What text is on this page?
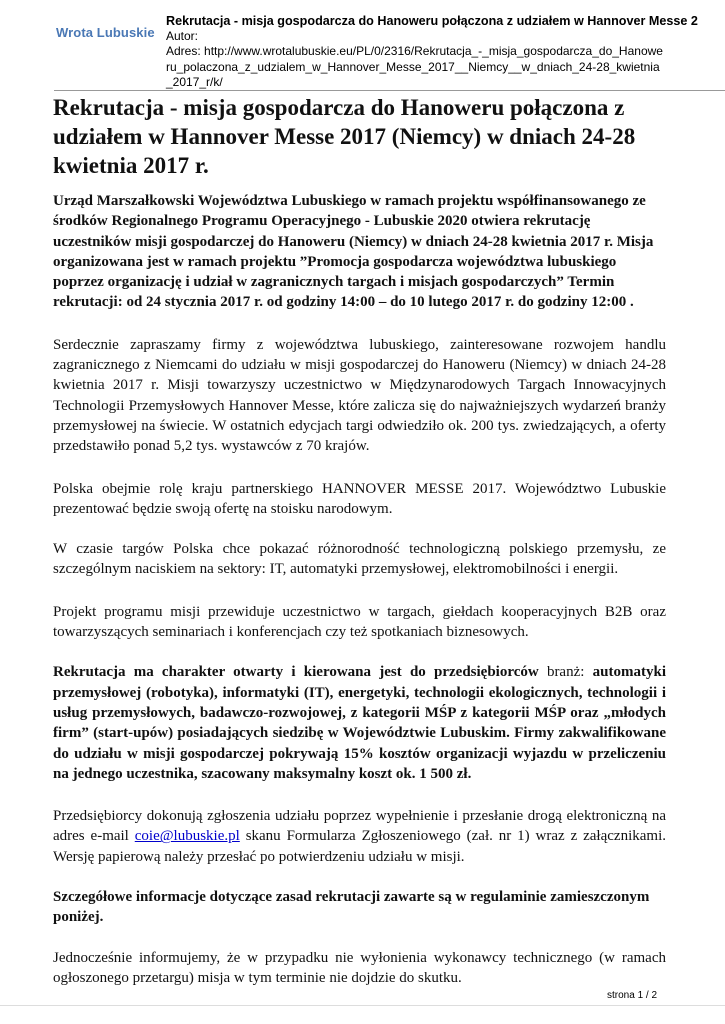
Wrota Lubuskie
Rekrutacja - misja gospodarcza do Hanoweru połączona z udziałem w Hannover Messe 2
Autor:
Adres: http://www.wrotalubuskie.eu/PL/0/2316/Rekrutacja_-_misja_gospodarcza_do_Hanowe
ru_polaczona_z_udzialem_w_Hannover_Messe_2017__Niemcy__w_dniach_24-28_kwietnia
_2017_r/k/
Rekrutacja - misja gospodarcza do Hanoweru połączona z udziałem w Hannover Messe 2017 (Niemcy) w dniach 24-28 kwietnia 2017 r.

Urząd Marszałkowski Województwa Lubuskiego w ramach projektu współfinansowanego ze środków Regionalnego Programu Operacyjnego - Lubuskie 2020 otwiera rekrutację uczestników misji gospodarczej do Hanoweru (Niemcy) w dniach 24-28 kwietnia 2017 r. Misja organizowana jest w ramach projektu ”Promocja gospodarcza województwa lubuskiego poprzez organizację i udział w zagranicznych targach i misjach gospodarczych” Termin rekrutacji: od 24 stycznia 2017 r. od godziny 14:00 – do 10 lutego 2017 r. do godziny 12:00 .

Serdecznie zapraszamy firmy z województwa lubuskiego, zainteresowane rozwojem handlu zagranicznego z Niemcami do udziału w misji gospodarczej do Hanoweru (Niemcy) w dniach 24-28 kwietnia 2017 r. Misji towarzyszy uczestnictwo w Międzynarodowych Targach Innowacyjnych Technologii Przemysłowych Hannover Messe, które zalicza się do najważniejszych wydarzeń branży przemysłowej na świecie. W ostatnich edycjach targi odwiedziło ok. 200 tys. zwiedzających, a oferty przedstawiło ponad 5,2 tys. wystawców z 70 krajów.

Polska obejmie rolę kraju partnerskiego HANNOVER MESSE 2017. Województwo Lubuskie prezentować będzie swoją ofertę na stoisku narodowym.

W czasie targów Polska chce pokazać różnorodność technologiczną polskiego przemysłu, ze szczególnym naciskiem na sektory: IT, automatyki przemysłowej, elektromobilności i energii.

Projekt programu misji przewiduje uczestnictwo w targach, giełdach kooperacyjnych B2B oraz towarzyszących seminariach i konferencjach czy też spotkaniach biznesowych.

Rekrutacja ma charakter otwarty i kierowana jest do przedsiębiorców branż: automatyki przemysłowej (robotyka), informatyki (IT), energetyki, technologii ekologicznych, technologii i usług przemysłowych, badawczo-rozwojowej, z kategorii MŚP z kategorii MŚP oraz „młodych firm” (start-upów) posiadających siedzibę w Województwie Lubuskim. Firmy zakwalifikowane do udziału w misji gospodarczej pokrywają 15% kosztów organizacji wyjazdu w przeliczeniu na jednego uczestnika, szacowany maksymalny koszt ok. 1 500 zł.

Przedsiębiorcy dokonują zgłoszenia udziału poprzez wypełnienie i przesłanie drogą elektroniczną na adres e-mail coie@lubuskie.pl skanu Formularza Zgłoszeniowego (zał. nr 1) wraz z załącznikami. Wersję papierową należy przesłać po potwierdzeniu udziału w misji.

Szczegółowe informacje dotyczące zasad rekrutacji zawarte są w regulaminie zamieszczonym poniżej.

Jednocześnie informujemy, że w przypadku nie wyłonienia wykonawcy technicznego (w ramach ogłoszonego przetargu) misja w tym terminie nie dojdzie do skutku.

strona 1 / 2
